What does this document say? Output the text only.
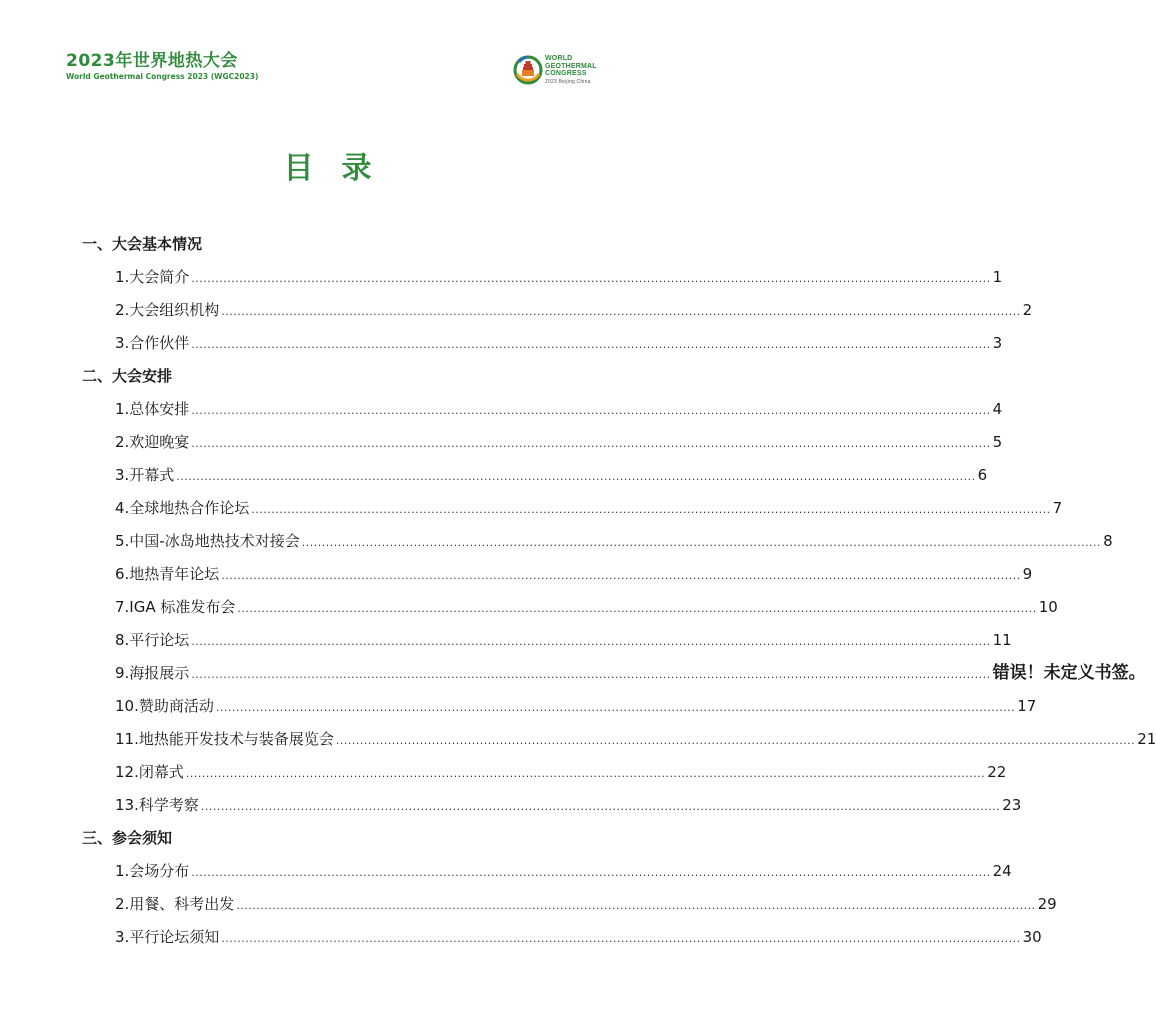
2023年世界地热大会
World Geothermal Congress 2023 (WGC2023)
WORLD
GEOTHERMAL
CONGRESS
2023 Beijing China
目录
一、大会基本情况
1.大会简介 ........................................................................................................................................................................................................ 1
2.大会组织机构 ........................................................................................................................................................................................................ 2
3.合作伙伴 ........................................................................................................................................................................................................ 3
二、大会安排
1.总体安排 ........................................................................................................................................................................................................ 4
2.欢迎晚宴 ........................................................................................................................................................................................................ 5
3.开幕式 ........................................................................................................................................................................................................ 6
4.全球地热合作论坛 ........................................................................................................................................................................................................ 7
5.中国-冰岛地热技术对接会 ........................................................................................................................................................................................................ 8
6.地热青年论坛 ........................................................................................................................................................................................................ 9
7.IGA 标准发布会 ........................................................................................................................................................................................................ 10
8.平行论坛 ........................................................................................................................................................................................................ 11
9.海报展示 ........................................................................................................................................................................................................ 错误！未定义书签。
10.赞助商活动 ........................................................................................................................................................................................................ 17
11.地热能开发技术与装备展览会 ........................................................................................................................................................................................................ 21
12.闭幕式 ........................................................................................................................................................................................................ 22
13.科学考察 ........................................................................................................................................................................................................ 23
三、参会须知
1.会场分布 ........................................................................................................................................................................................................ 24
2.用餐、科考出发 ........................................................................................................................................................................................................ 29
3.平行论坛须知 ........................................................................................................................................................................................................ 30
